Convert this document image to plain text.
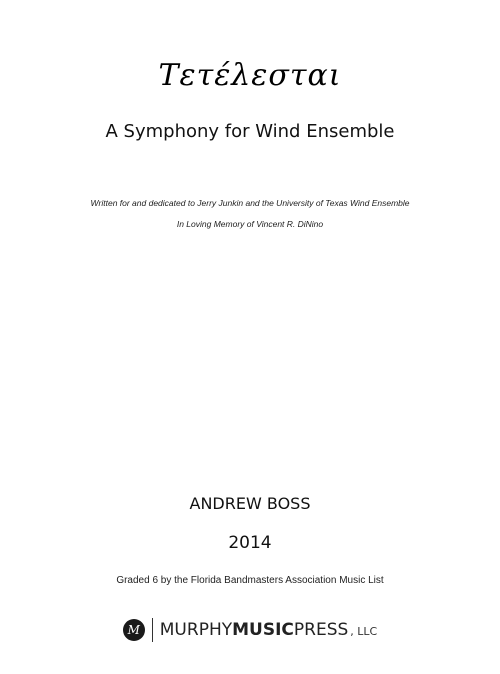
Τετέλεσται
A Symphony for Wind Ensemble
Written for and dedicated to Jerry Junkin and the University of Texas Wind Ensemble
In Loving Memory of Vincent R. DiNino
ANDREW BOSS
2014
Graded 6 by the Florida Bandmasters Association Music List
M MURPHY MUSIC PRESS , LLC
